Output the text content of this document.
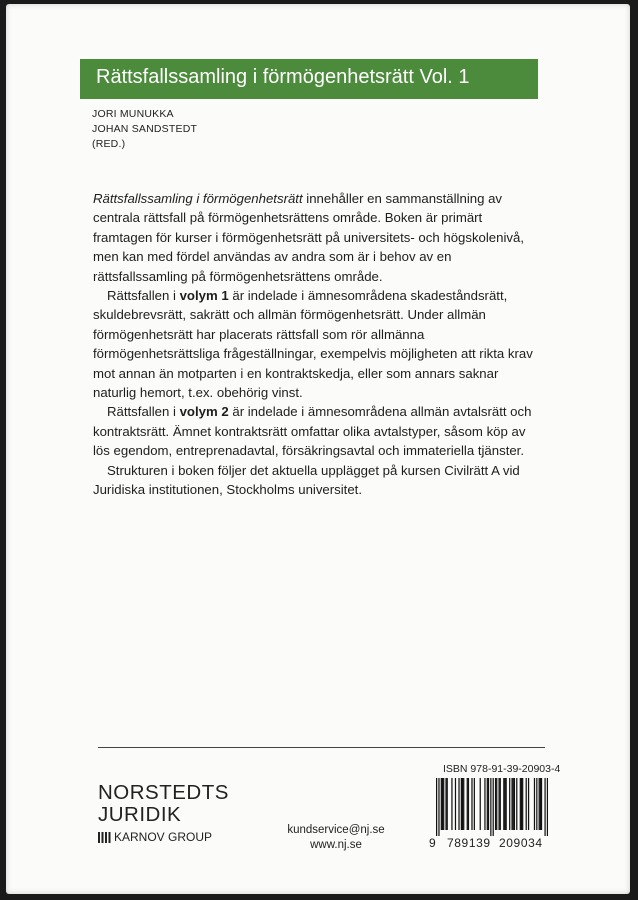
Rättsfallssamling i förmögenhetsrätt Vol. 1
JORI MUNUKKA
JOHAN SANDSTEDT
(RED.)

Rättsfallssamling i förmögenhetsrätt innehåller en sammanställning av centrala rättsfall på förmögenhetsrättens område. Boken är primärt framtagen för kurser i förmögenhetsrätt på universitets- och högskolenivå, men kan med fördel användas av andra som är i behov av en rättsfallssamling på förmögenhetsrättens område.

Rättsfallen i volym 1 är indelade i ämnesområdena skadeståndsrätt, skuldebrevsrätt, sakrätt och allmän förmögenhetsrätt. Under allmän förmögenhetsrätt har placerats rättsfall som rör allmänna förmögenhetsrättsliga frågeställningar, exempelvis möjligheten att rikta krav mot annan än motparten i en kontraktskedja, eller som annars saknar naturlig hemort, t.ex. obehörig vinst.

Rättsfallen i volym 2 är indelade i ämnesområdena allmän avtalsrätt och kontraktsrätt. Ämnet kontraktsrätt omfattar olika avtalstyper, såsom köp av lös egendom, entreprenadavtal, försäkringsavtal och immateriella tjänster.

Strukturen i boken följer det aktuella upplägget på kursen Civilrätt A vid Juridiska institutionen, Stockholms universitet.

NORSTEDTS
JURIDIK
KARNOV GROUP	kundservice@nj.se
www.nj.se
ISBN 978-91-39-20903-4
9 789139 209034
